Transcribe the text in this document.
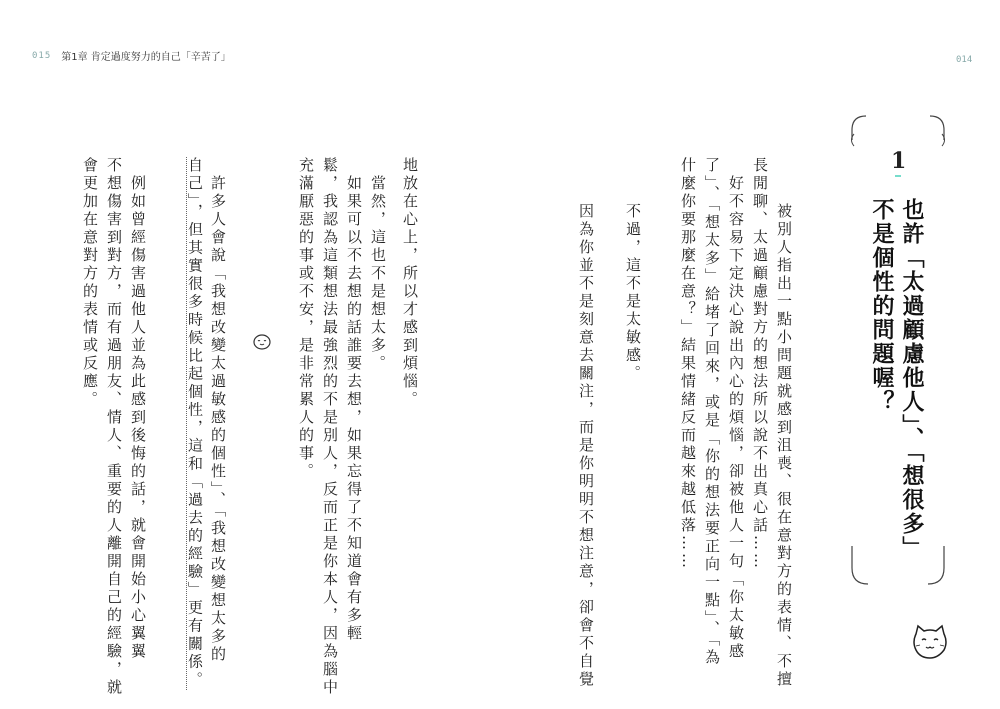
015 第1章 肯定過度努力的自己「辛苦了」
地放在心上，所以才感到煩惱。
　當然，這也不是想太多。
　如果可以不去想的話誰要去想，如果忘得了不知道會有多輕
鬆，我認為這類想法最強烈的不是別人，反而正是你本人，因為腦中
充滿厭惡的事或不安，是非常累人的事。
　許多人會說「我想改變太過敏感的個性」、「我想改變想太多的
自己」，但其實很多時候比起個性，這和「過去的經驗」更有關係。
　例如曾經傷害過他人並為此感到後悔的話，就會開始小心翼翼
不想傷害到對方，而有過朋友、情人、重要的人離開自己的經驗，就
會更加在意對方的表情或反應。
014
1
也許「太過顧慮他人」、「想很多」
不是個性的問題喔？
　被別人指出一點小問題就感到沮喪、很在意對方的表情、不擅
長閒聊、太過顧慮對方的想法所以說不出真心話……
　好不容易下定決心說出內心的煩惱，卻被他人一句「你太敏感
了」、「想太多」給堵了回來，或是「你的想法要正向一點」、「為
什麼你要那麼在意？」結果情緒反而越來越低落……
　不過，這不是太敏感。
　因為你並不是刻意去關注，而是你明明不想注意，卻會不自覺
